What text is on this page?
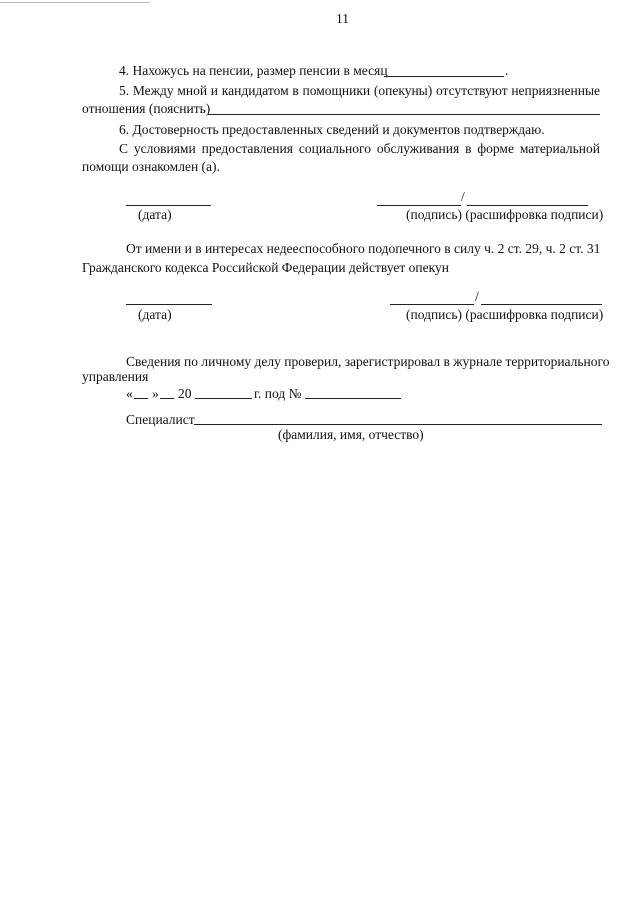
11
4. Нахожусь на пенсии, размер пенсии в месяц	.
5. Между мной и кандидатом в помощники (опекуны) отсутствуют неприязненные
отношения (пояснить)
6. Достоверность предоставленных сведений и документов подтверждаю.
С условиями предоставления социального обслуживания в форме материальной
помощи ознакомлен (а).
(дата)
/
(подпись) (расшифровка подписи)
От имени и в интересах недееспособного подопечного в силу ч. 2 ст. 29, ч. 2 ст. 31
Гражданского кодекса Российской Федерации действует опекун
(дата)
/
(подпись) (расшифровка подписи)
Сведения по личному делу проверил, зарегистрировал в журнале территориального
управления
« » 20	г. под №
Специалист
(фамилия, имя, отчество)
